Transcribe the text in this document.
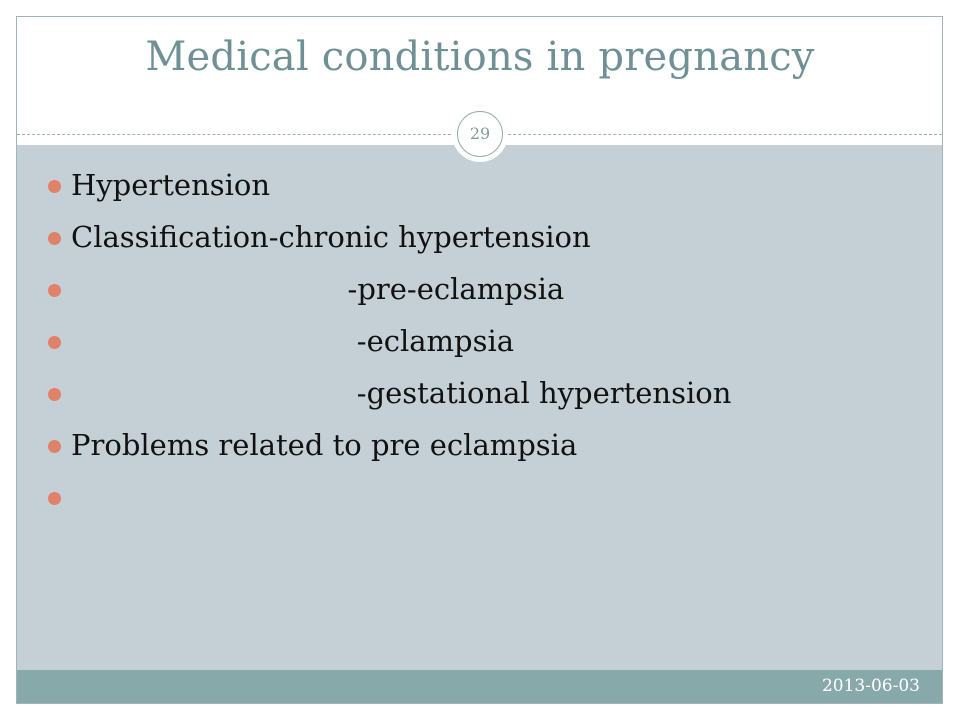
Medical conditions in pregnancy
29
Hypertension
Classification-chronic hypertension
-pre-eclampsia
-eclampsia
-gestational hypertension
Problems related to pre eclampsia
2013-06-03
